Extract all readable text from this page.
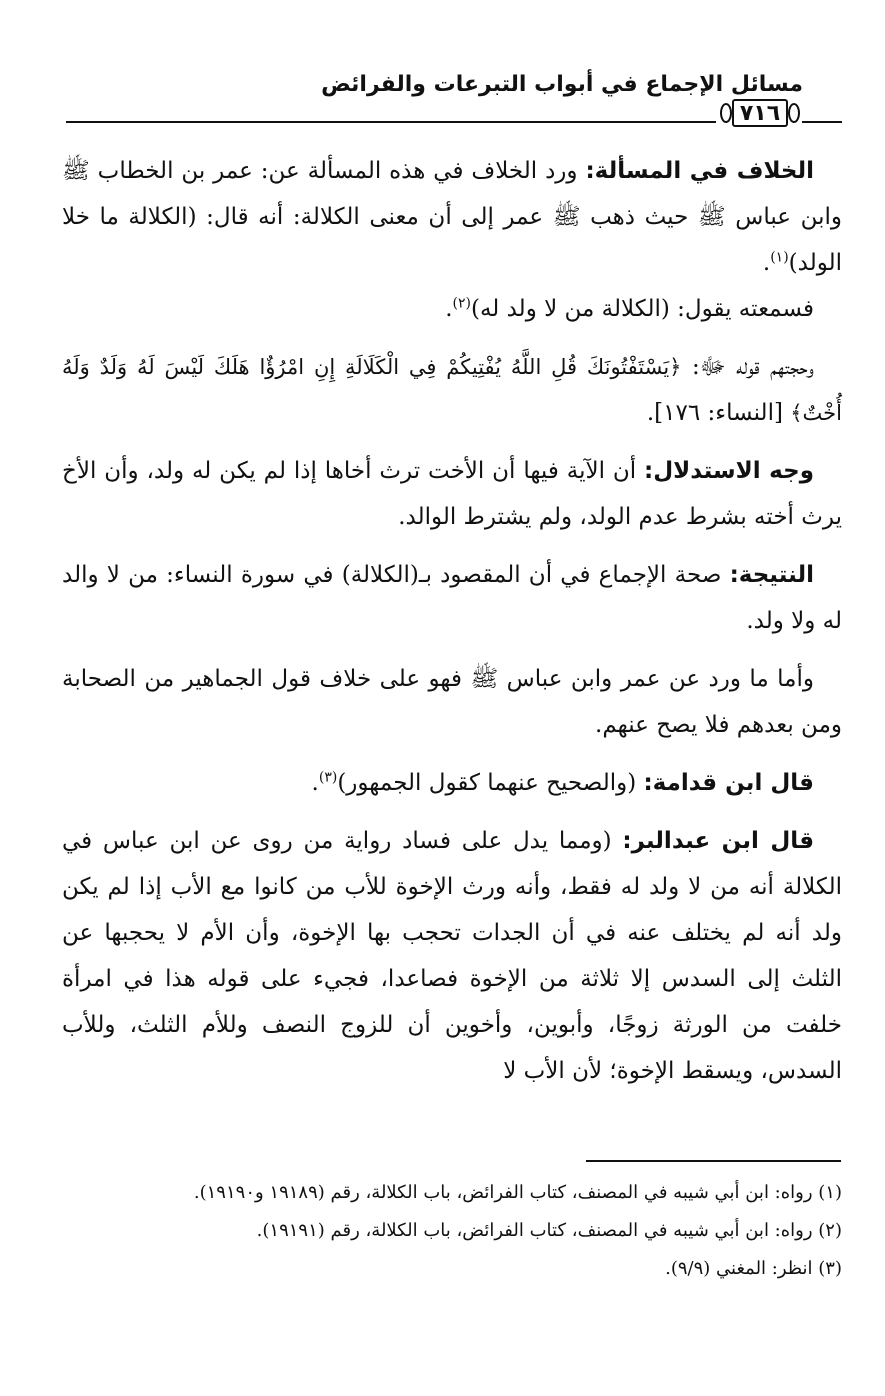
مسائل الإجماع في أبواب التبرعات والفرائض
٧١٦

الخلاف في المسألة: ورد الخلاف في هذه المسألة عن: عمر بن الخطاب ﷺ وابن عباس ﷺ حيث ذهب ﷺ عمر إلى أن معنى الكلالة: أنه قال: (الكلالة ما خلا الولد)$^{(١)}$.

فسمعته يقول: (الكلالة من لا ولد له)$^{(٢)}$.

وحجتهم قوله ﷻ: ﴿يَسْتَفْتُونَكَ قُلِ اللَّهُ يُفْتِيكُمْ فِي الْكَلَالَةِ إِنِ امْرُؤٌا هَلَكَ لَيْسَ لَهُ وَلَدٌ وَلَهُ أُخْتٌ﴾ [النساء: ١٧٦].

وجه الاستدلال: أن الآية فيها أن الأخت ترث أخاها إذا لم يكن له ولد، وأن الأخ يرث أخته بشرط عدم الولد، ولم يشترط الوالد.

النتيجة: صحة الإجماع في أن المقصود بـ(الكلالة) في سورة النساء: من لا والد له ولا ولد.

وأما ما ورد عن عمر وابن عباس ﷺ فهو على خلاف قول الجماهير من الصحابة ومن بعدهم فلا يصح عنهم.

قال ابن قدامة: (والصحيح عنهما كقول الجمهور)$^{(٣)}$.

قال ابن عبدالبر: (ومما يدل على فساد رواية من روى عن ابن عباس في الكلالة أنه من لا ولد له فقط، وأنه ورث الإخوة للأب من كانوا مع الأب إذا لم يكن ولد أنه لم يختلف عنه في أن الجدات تحجب بها الإخوة، وأن الأم لا يحجبها عن الثلث إلى السدس إلا ثلاثة من الإخوة فصاعدا، فجيء على قوله هذا في امرأة خلفت من الورثة زوجًا، وأبوين، وأخوين أن للزوج النصف وللأم الثلث، وللأب السدس، ويسقط الإخوة؛ لأن الأب لا

(١) رواه: ابن أبي شيبه في المصنف، كتاب الفرائض، باب الكلالة، رقم (١٩١٨٩ و١٩١٩٠).

(٢) رواه: ابن أبي شيبه في المصنف، كتاب الفرائض، باب الكلالة، رقم (١٩١٩١).

(٣) انظر: المغني (٩/٩).
